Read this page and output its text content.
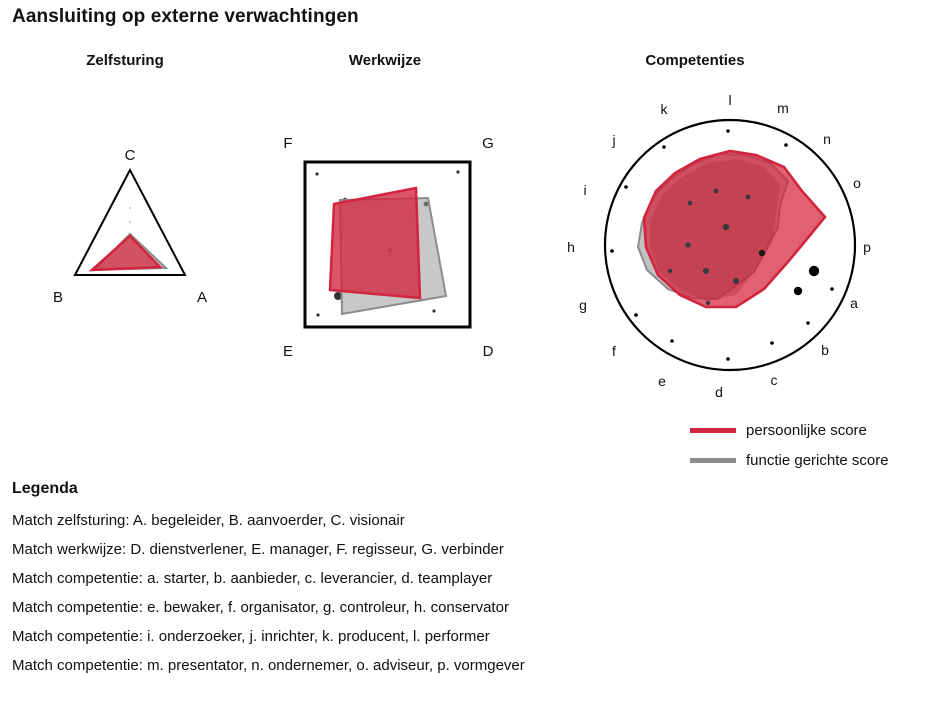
Aansluiting op externe verwachtingen
Zelfsturing	Werkwijze	Competenties
C
B	A
F	G
E	D
l	m
n
o
p
a
b
c
d
e
f
g
h
i
j
k
persoonlijke score
functie gerichte score
Legenda
Match zelfsturing: A. begeleider, B. aanvoerder, C. visionair
Match werkwijze: D. dienstverlener, E. manager, F. regisseur, G. verbinder
Match competentie: a. starter, b. aanbieder, c. leverancier, d. teamplayer
Match competentie: e. bewaker, f. organisator, g. controleur, h. conservator
Match competentie: i. onderzoeker, j. inrichter, k. producent, l. performer
Match competentie: m. presentator, n. ondernemer, o. adviseur, p. vormgever
